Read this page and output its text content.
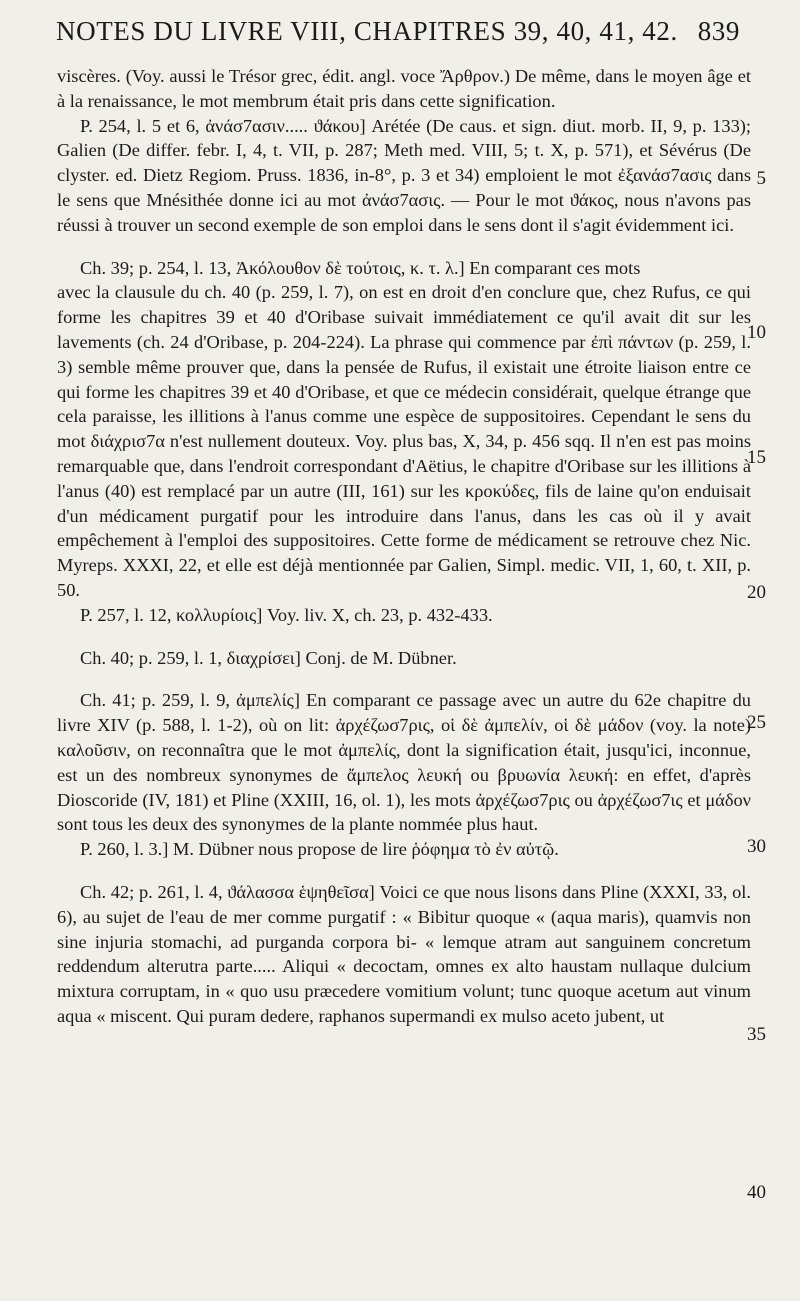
NOTES DU LIVRE VIII, CHAPITRES 39, 40, 41, 42. 839

viscères. (Voy. aussi le Trésor grec, édit. angl. voce Ἄρθρον.) De même, dans le moyen âge et à la renaissance, le mot membrum était pris dans cette signification.

P. 254, l. 5 et 6, ἀνάσ7ασιν..... ϑάκου] Arétée (De caus. et sign. diut. morb. II, 9, p. 133); Galien (De differ. febr. I, 4, t. VII, p. 287; Meth med. VIII, 5; t. X, p. 571), et Sévérus (De clyster. ed. Dietz Regiom. Pruss. 1836, in-8°, p. 3 et 34) emploient le mot ἐξανάσ7ασις dans le sens que Mnésithée donne ici au mot ἀνάσ7ασις. — Pour le mot ϑάκος, nous n'avons pas réussi à trouver un second exemple de son emploi dans le sens dont il s'agit évidemment ici.

Ch. 39; p. 254, l. 13, Ἀκόλουθον δὲ τούτοις, κ. τ. λ.] En comparant ces mots
avec la clausule du ch. 40 (p. 259, l. 7), on est en droit d'en conclure que, chez Rufus, ce qui forme les chapitres 39 et 40 d'Oribase suivait immédiatement ce qu'il avait dit sur les lavements (ch. 24 d'Oribase, p. 204-224). La phrase qui commence par ἐπὶ πάντων (p. 259, l. 3) semble même prouver que, dans la pensée de Rufus, il existait une étroite liaison entre ce qui forme les chapitres 39 et 40 d'Oribase, et que ce médecin considérait, quelque étrange que cela paraisse, les illitions à l'anus comme une espèce de suppositoires. Cependant le sens du mot διάχρισ7α n'est nullement douteux. Voy. plus bas, X, 34, p. 456 sqq. Il n'en est pas moins remarquable que, dans l'endroit correspondant d'Aëtius, le chapitre d'Oribase sur les illitions à l'anus (40) est remplacé par un autre (III, 161) sur les κροκύδες, fils de laine qu'on enduisait d'un médicament purgatif pour les introduire dans l'anus, dans les cas où il y avait empêchement à l'emploi des suppositoires. Cette forme de médicament se retrouve chez Nic. Myreps. XXXI, 22, et elle est déjà mentionnée par Galien, Simpl. medic. VII, 1, 60, t. XII, p. 50.

P. 257, l. 12, κολλυρίοις] Voy. liv. X, ch. 23, p. 432-433.

Ch. 40; p. 259, l. 1, διαχρίσει] Conj. de M. Dübner.

Ch. 41; p. 259, l. 9, ἀμπελίς] En comparant ce passage avec un autre du 62e chapitre du livre XIV (p. 588, l. 1-2), où on lit: ἀρχέζωσ7ρις, οἱ δὲ ἀμπελίν, οἱ δὲ μάδον (voy. la note) καλοῦσιν, on reconnaîtra que le mot ἀμπελίς, dont la signification était, jusqu'ici, inconnue, est un des nombreux synonymes de ἄμπελος λευκή ou βρυωνία λευκή: en effet, d'après Dioscoride (IV, 181) et Pline (XXIII, 16, ol. 1), les mots ἀρχέζωσ7ρις ou ἀρχέζωσ7ις et μάδον sont tous les deux des synonymes de la plante nommée plus haut.

P. 260, l. 3.] M. Dübner nous propose de lire ῥόφημα τὸ ἐν αὐτῷ.

Ch. 42; p. 261, l. 4, ϑάλασσα ἑψηθεῖσα] Voici ce que nous lisons dans Pline (XXXI, 33, ol. 6), au sujet de l'eau de mer comme purgatif : « Bibitur quoque « (aqua maris), quamvis non sine injuria stomachi, ad purganda corpora bi- « lemque atram aut sanguinem concretum reddendum alterutra parte..... Aliqui « decoctam, omnes ex alto haustam nullaque dulcium mixtura corruptam, in « quo usu præcedere vomitium volunt; tunc quoque acetum aut vinum aqua « miscent. Qui puram dedere, raphanos supermandi ex mulso aceto jubent, ut

5
10
15
20
25
30
35
40
